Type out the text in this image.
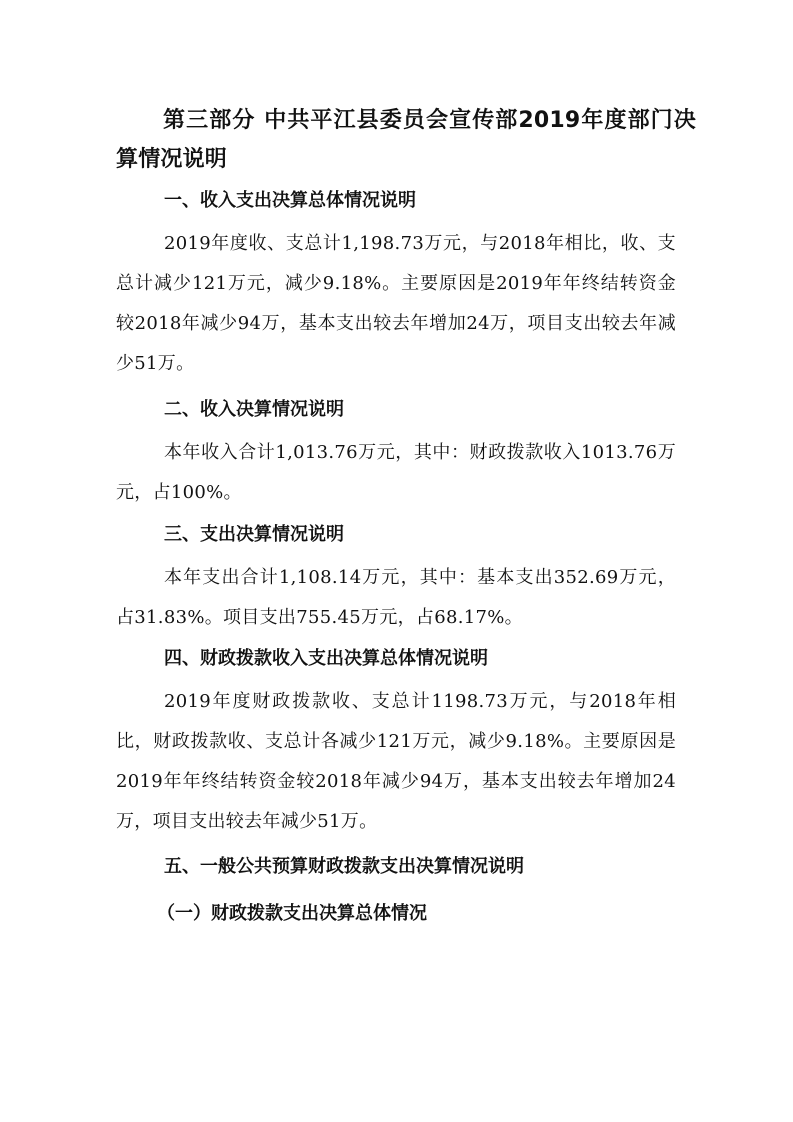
第三部分 中共平江县委员会宣传部2019年度部门决算情况说明
一、收入支出决算总体情况说明

2019年度收、支总计1,198.73万元，与2018年相比，收、支总计减少121万元，减少9.18%。主要原因是2019年年终结转资金较2018年减少94万，基本支出较去年增加24万，项目支出较去年减少51万。

二、收入决算情况说明

本年收入合计1,013.76万元，其中：财政拨款收入1013.76万元，占100%。

三、支出决算情况说明

本年支出合计1,108.14万元，其中：基本支出352.69万元，占31.83%。项目支出755.45万元，占68.17%。

四、财政拨款收入支出决算总体情况说明

2019年度财政拨款收、支总计1198.73万元，与2018年相比，财政拨款收、支总计各减少121万元，减少9.18%。主要原因是2019年年终结转资金较2018年减少94万，基本支出较去年增加24万，项目支出较去年减少51万。

五、一般公共预算财政拨款支出决算情况说明
（一）财政拨款支出决算总体情况
